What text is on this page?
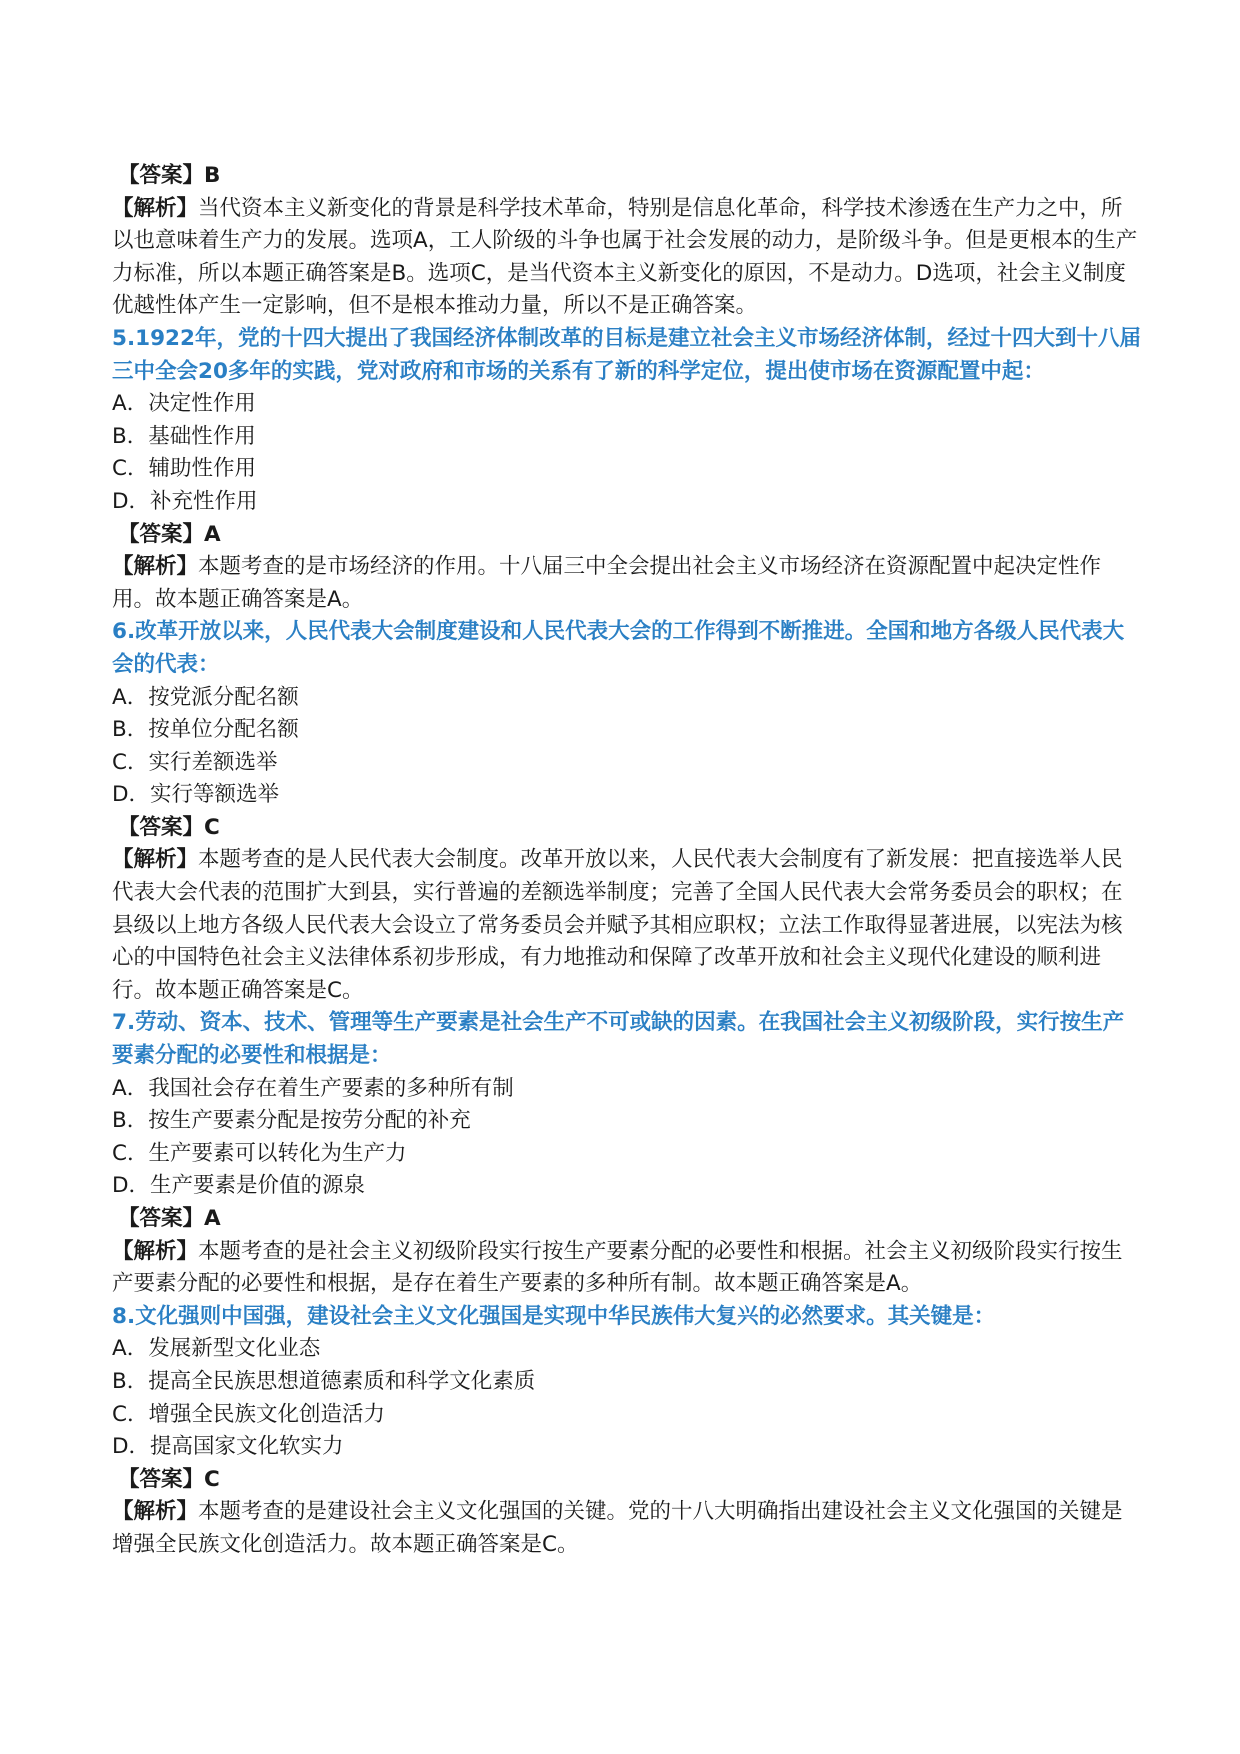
【答案】B

【解析】当代资本主义新变化的背景是科学技术革命，特别是信息化革命，科学技术渗透在生产力之中，所以也意味着生产力的发展。选项A，工人阶级的斗争也属于社会发展的动力，是阶级斗争。但是更根本的生产力标准，所以本题正确答案是B。选项C，是当代资本主义新变化的原因，不是动力。D选项，社会主义制度优越性体产生一定影响，但不是根本推动力量，所以不是正确答案。

5.1922年，党的十四大提出了我国经济体制改革的目标是建立社会主义市场经济体制，经过十四大到十八届三中全会20多年的实践，党对政府和市场的关系有了新的科学定位，提出使市场在资源配置中起：

A．决定性作用

B．基础性作用

C．辅助性作用

D．补充性作用

【答案】A

【解析】本题考查的是市场经济的作用。十八届三中全会提出社会主义市场经济在资源配置中起决定性作用。故本题正确答案是A。

6.改革开放以来，人民代表大会制度建设和人民代表大会的工作得到不断推进。全国和地方各级人民代表大会的代表：

A．按党派分配名额

B．按单位分配名额

C．实行差额选举

D．实行等额选举

【答案】C

【解析】本题考查的是人民代表大会制度。改革开放以来，人民代表大会制度有了新发展：把直接选举人民代表大会代表的范围扩大到县，实行普遍的差额选举制度；完善了全国人民代表大会常务委员会的职权；在县级以上地方各级人民代表大会设立了常务委员会并赋予其相应职权；立法工作取得显著进展，以宪法为核心的中国特色社会主义法律体系初步形成，有力地推动和保障了改革开放和社会主义现代化建设的顺利进行。故本题正确答案是C。

7.劳动、资本、技术、管理等生产要素是社会生产不可或缺的因素。在我国社会主义初级阶段，实行按生产要素分配的必要性和根据是：

A．我国社会存在着生产要素的多种所有制

B．按生产要素分配是按劳分配的补充

C．生产要素可以转化为生产力

D．生产要素是价值的源泉

【答案】A

【解析】本题考查的是社会主义初级阶段实行按生产要素分配的必要性和根据。社会主义初级阶段实行按生产要素分配的必要性和根据，是存在着生产要素的多种所有制。故本题正确答案是A。

8.文化强则中国强，建设社会主义文化强国是实现中华民族伟大复兴的必然要求。其关键是：

A．发展新型文化业态

B．提高全民族思想道德素质和科学文化素质

C．增强全民族文化创造活力

D．提高国家文化软实力

【答案】C

【解析】本题考查的是建设社会主义文化强国的关键。党的十八大明确指出建设社会主义文化强国的关键是增强全民族文化创造活力。故本题正确答案是C。
